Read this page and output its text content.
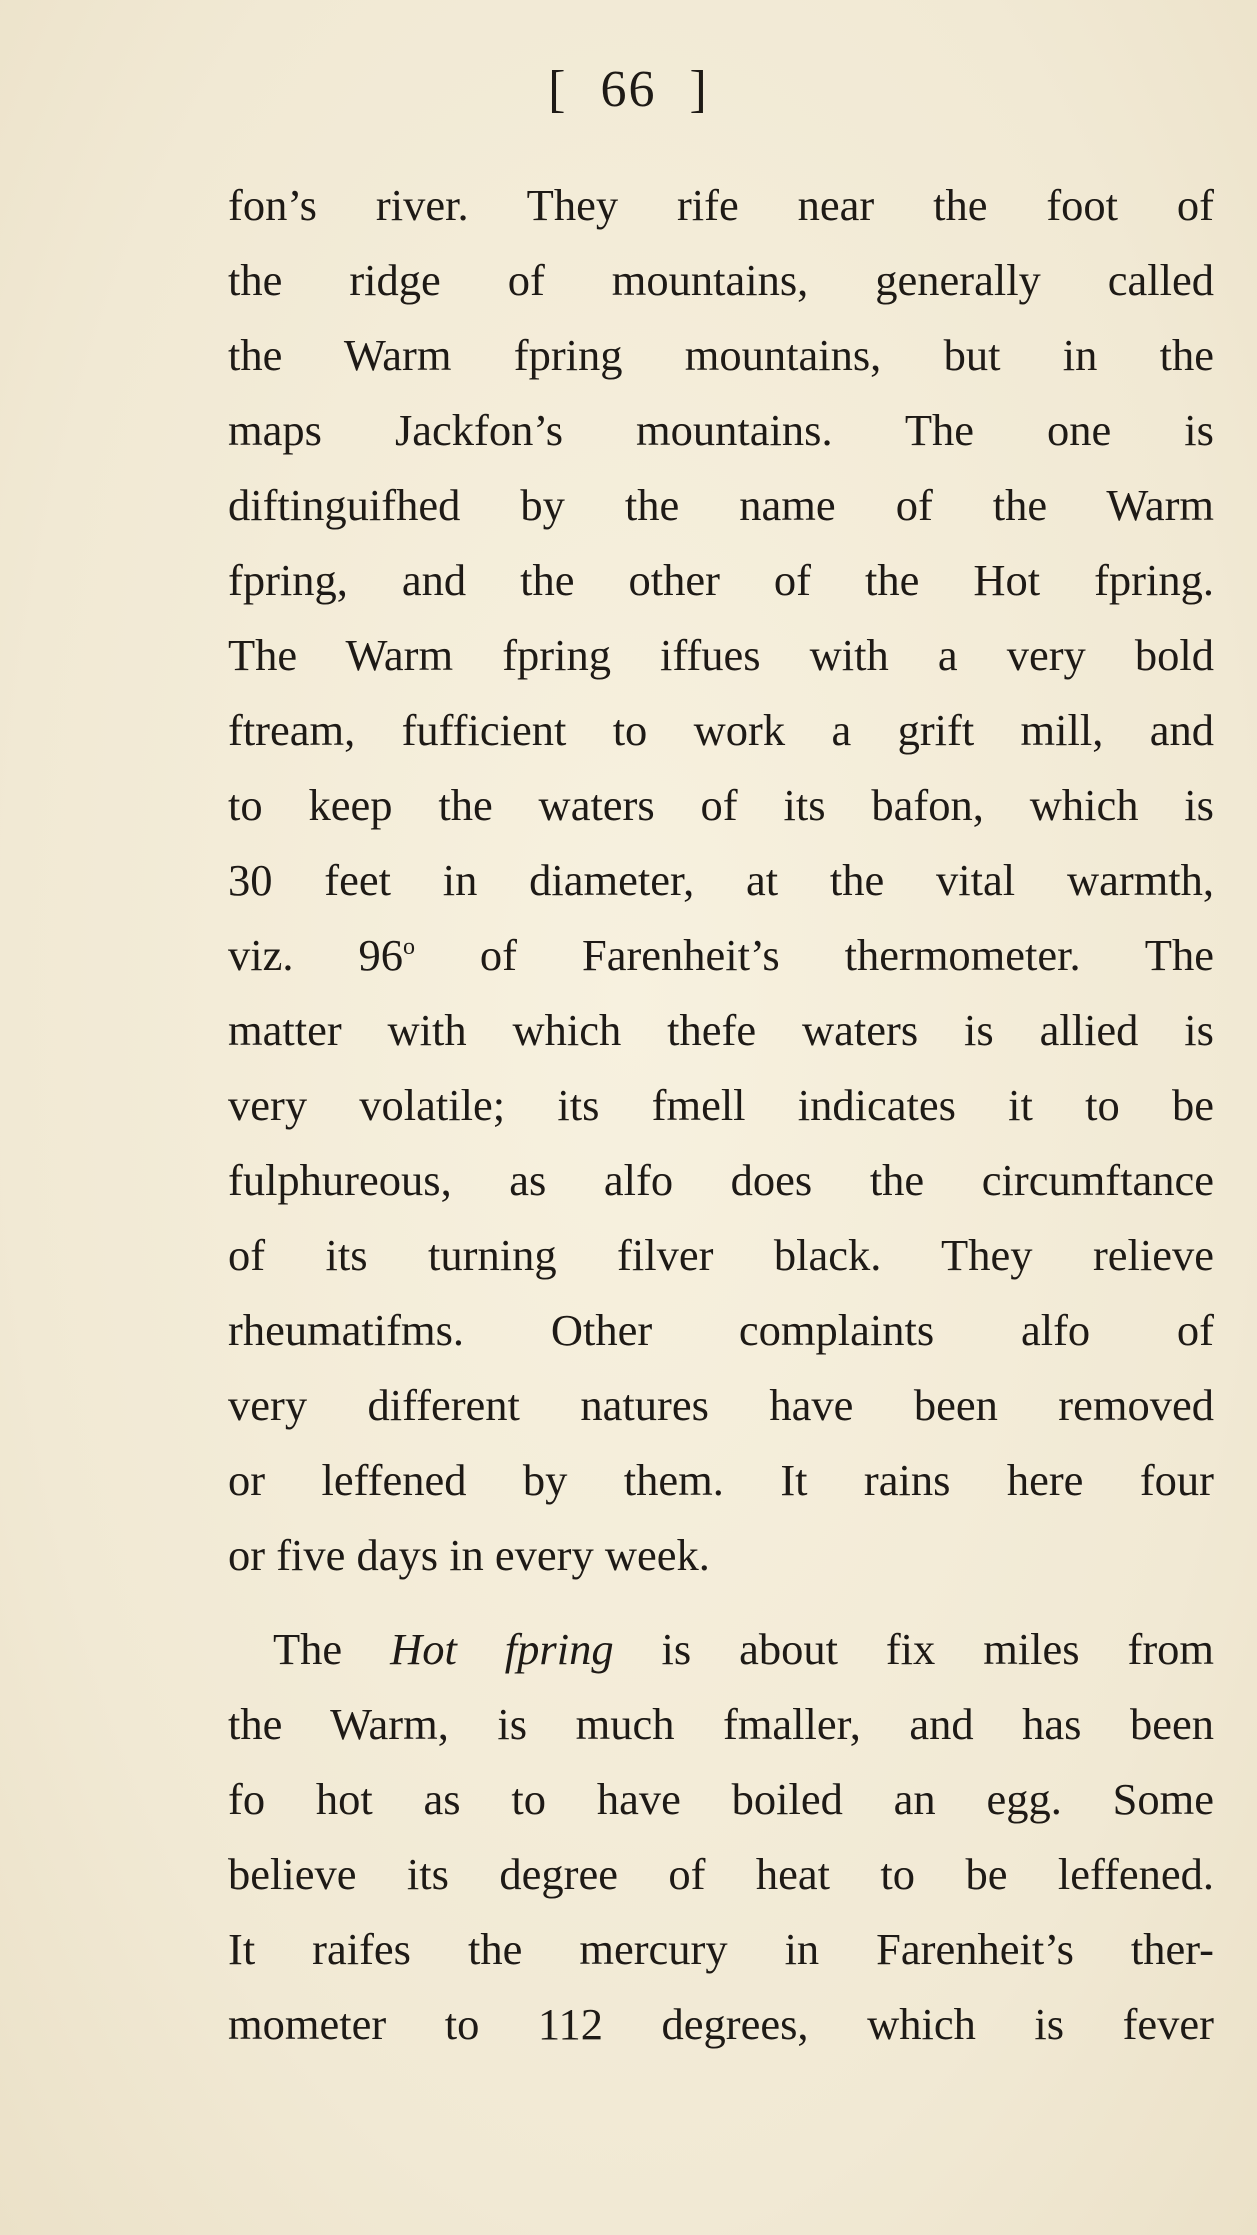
[ 66 ]
fon’s river. They rife near the foot of
the ridge of mountains, generally called
the Warm fpring mountains, but in the
maps Jackfon’s mountains. The one is
diftinguifhed by the name of the Warm
fpring, and the other of the Hot fpring.
The Warm fpring iffues with a very bold
ftream, fufficient to work a grift mill, and
to keep the waters of its bafon, which is
30 feet in diameter, at the vital warmth,
viz. 96$^o$ of Farenheit’s thermometer. The
matter with which thefe waters is allied is
very volatile; its fmell indicates it to be
fulphureous, as alfo does the circumftance
of its turning filver black. They relieve
rheumatifms. Other complaints alfo of
very different natures have been removed
or leffened by them. It rains here four
or five days in every week.
The Hot fpring is about fix miles from
the Warm, is much fmaller, and has been
fo hot as to have boiled an egg. Some
believe its degree of heat to be leffened.
It raifes the mercury in Farenheit’s ther-
mometer to 112 degrees, which is fever
